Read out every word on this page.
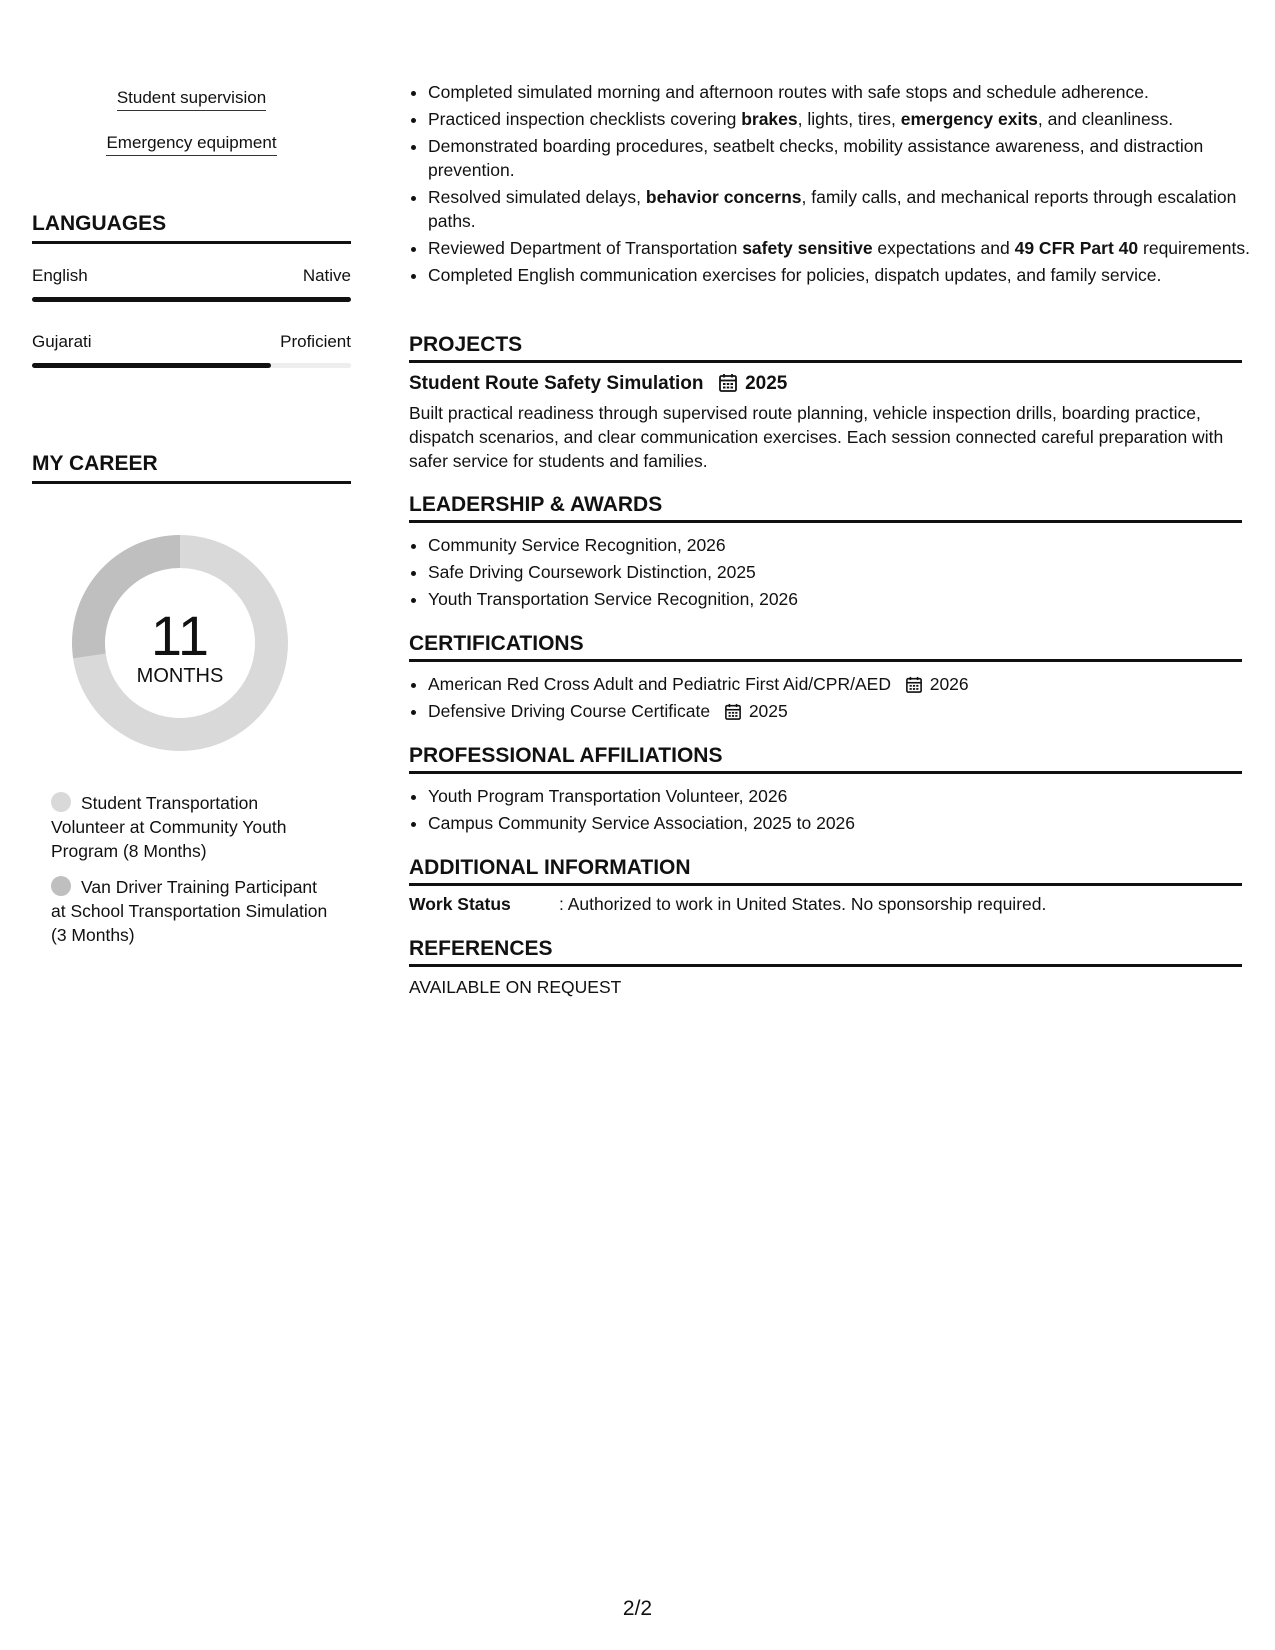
Student supervision
Emergency equipment
LANGUAGES
English	Native
Gujarati	Proficient
MY CAREER
11
MONTHS
Student Transportation Volunteer at Community Youth Program (8 Months)
Van Driver Training Participant at School Transportation Simulation (3 Months)
• Completed simulated morning and afternoon routes with safe stops and schedule adherence.
• Practiced inspection checklists covering brakes, lights, tires, emergency exits, and cleanliness.
• Demonstrated boarding procedures, seatbelt checks, mobility assistance awareness, and distraction prevention.
• Resolved simulated delays, behavior concerns, family calls, and mechanical reports through escalation paths.
• Reviewed Department of Transportation safety sensitive expectations and 49 CFR Part 40 requirements.
• Completed English communication exercises for policies, dispatch updates, and family service.
PROJECTS
Student Route Safety Simulation 2025

Built practical readiness through supervised route planning, vehicle inspection drills, boarding practice, dispatch scenarios, and clear communication exercises. Each session connected careful preparation with safer service for students and families.

LEADERSHIP & AWARDS
• Community Service Recognition, 2026
• Safe Driving Coursework Distinction, 2025
• Youth Transportation Service Recognition, 2026
CERTIFICATIONS
• American Red Cross Adult and Pediatric First Aid/CPR/AED 2026
• Defensive Driving Course Certificate 2025
PROFESSIONAL AFFILIATIONS
• Youth Program Transportation Volunteer, 2026
• Campus Community Service Association, 2025 to 2026
ADDITIONAL INFORMATION
Work Status	: Authorized to work in United States. No sponsorship required.
REFERENCES
AVAILABLE ON REQUEST
2/2
